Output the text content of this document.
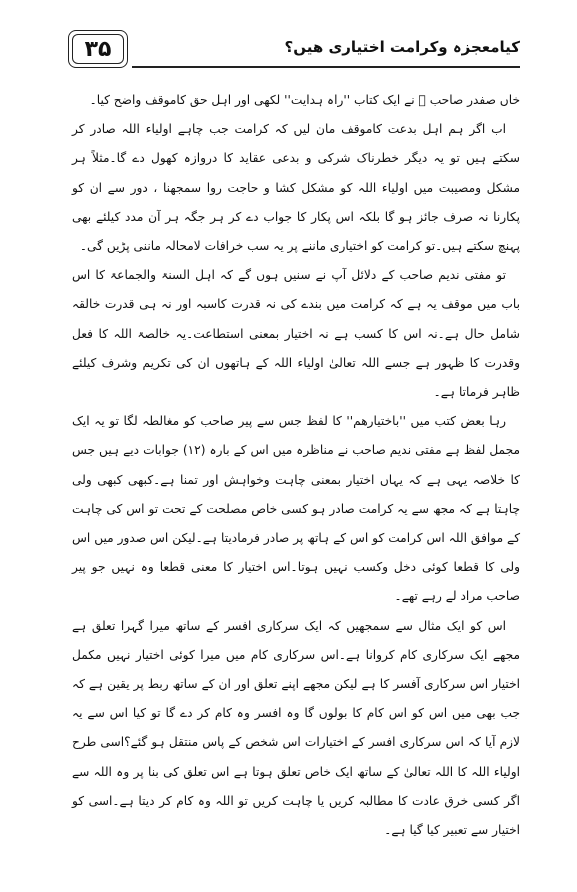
۳۵	کیامعجزہ وکرامت اختیاری ھیں؟

خاں صفدر صاحب ﷫ نے ایک کتاب ''راہ ہدایت'' لکھی اور اہل حق کاموقف واضح کیا۔

اب اگر ہم اہل بدعت کاموقف مان لیں کہ کرامت جب چاہے اولیاء اللہ صادر کر سکتے ہیں تو یہ دیگر خطرناک شرکی و بدعی عقاید کا دروازہ کھول دے گا۔مثلاً ہر مشکل ومصیبت میں اولیاء اللہ کو مشکل کشا و حاجت روا سمجھنا ، دور سے ان کو پکارنا نہ صرف جائز ہو گا بلکہ اس پکار کا جواب دے کر ہر جگہ ہر آن مدد کیلئے بھی پہنچ سکتے ہیں۔تو کرامت کو اختیاری ماننے پر یہ سب خرافات لامحالہ ماننی پڑیں گی۔

تو مفتی ندیم صاحب کے دلائل آپ نے سنیں ہوں گے کہ اہل السنۃ والجماعۃ کا اس باب میں موقف یہ ہے کہ کرامت میں بندے کی نہ قدرت کاسبہ اور نہ ہی قدرت خالقہ شامل حال ہے۔نہ اس کا کسب ہے نہ اختیار بمعنی استطاعت۔یہ خالصۃ اللہ کا فعل وقدرت کا ظہور ہے جسے اللہ تعالیٰ اولیاء اللہ کے ہاتھوں ان کی تکریم وشرف کیلئے ظاہر فرماتا ہے۔

رہا بعض کتب میں ''باختیارھم'' کا لفظ جس سے پیر صاحب کو مغالطہ لگا تو یہ ایک مجمل لفظ ہے مفتی ندیم صاحب نے مناظرہ میں اس کے بارہ (۱۲) جوابات دیے ہیں جس کا خلاصہ یہی ہے کہ یہاں اختیار بمعنی چاہت وخواہش اور تمنا ہے۔کبھی کبھی ولی چاہتا ہے کہ مجھ سے یہ کرامت صادر ہو کسی خاص مصلحت کے تحت تو اس کی چاہت کے موافق اللہ اس کرامت کو اس کے ہاتھ پر صادر فرمادیتا ہے۔لیکن اس صدور میں اس ولی کا قطعا کوئی دخل وکسب نہیں ہوتا۔اس اختیار کا معنی قطعا وہ نہیں جو پیر صاحب مراد لے رہے تھے۔

اس کو ایک مثال سے سمجھیں کہ ایک سرکاری افسر کے ساتھ میرا گہرا تعلق ہے مجھے ایک سرکاری کام کروانا ہے۔اس سرکاری کام میں میرا کوئی اختیار نہیں مکمل اختیار اس سرکاری آفسر کا ہے لیکن مجھے اپنے تعلق اور ان کے ساتھ ربط پر یقین ہے کہ جب بھی میں اس کو اس کام کا بولوں گا وہ افسر وہ کام کر دے گا تو کیا اس سے یہ لازم آیا کہ اس سرکاری افسر کے اختیارات اس شخص کے پاس منتقل ہو گئے؟اسی طرح اولیاء اللہ کا اللہ تعالیٰ کے ساتھ ایک خاص تعلق ہوتا ہے اس تعلق کی بنا پر وہ اللہ سے اگر کسی خرق عادت کا مطالبہ کریں یا چاہت کریں تو اللہ وہ کام کر دیتا ہے۔اسی کو اختیار سے تعبیر کیا گیا ہے۔
